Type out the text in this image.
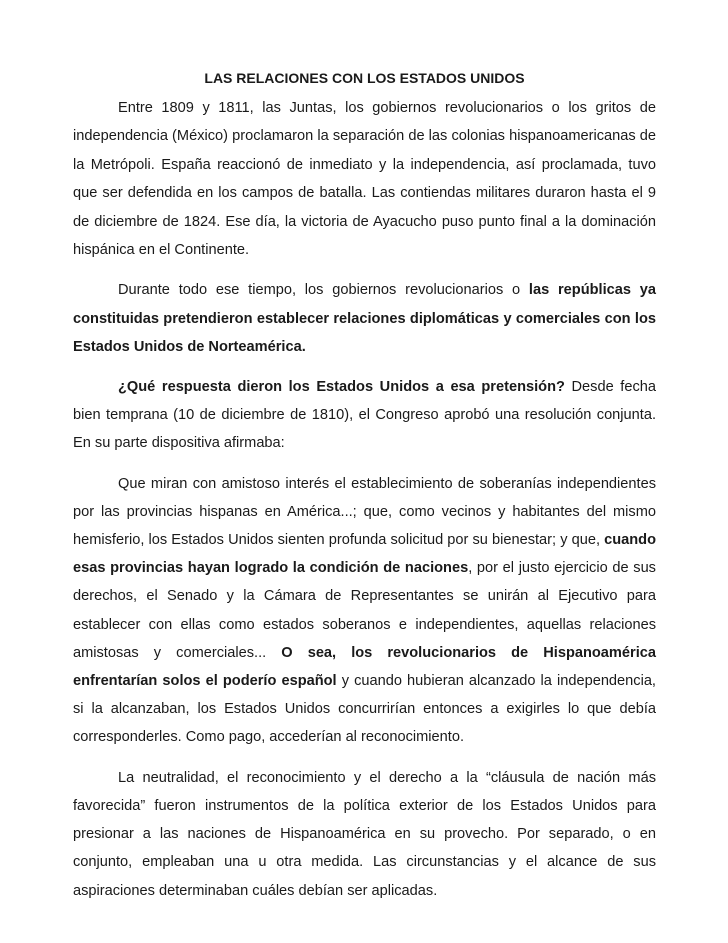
LAS RELACIONES CON LOS ESTADOS UNIDOS

Entre 1809 y 1811, las Juntas, los gobiernos revolucionarios o los gritos de independencia (México) proclamaron la separación de las colonias hispanoamericanas de la Metrópoli. España reaccionó de inmediato y la independencia, así proclamada, tuvo que ser defendida en los campos de batalla. Las contiendas militares duraron hasta el 9 de diciembre de 1824. Ese día, la victoria de Ayacucho puso punto final a la dominación hispánica en el Continente.

Durante todo ese tiempo, los gobiernos revolucionarios o las repúblicas ya constituidas pretendieron establecer relaciones diplomáticas y comerciales con los Estados Unidos de Norteamérica.

¿Qué respuesta dieron los Estados Unidos a esa pretensión? Desde fecha bien temprana (10 de diciembre de 1810), el Congreso aprobó una resolución conjunta. En su parte dispositiva afirmaba:

Que miran con amistoso interés el establecimiento de soberanías independientes por las provincias hispanas en América...; que, como vecinos y habitantes del mismo hemisferio, los Estados Unidos sienten profunda solicitud por su bienestar; y que, cuando esas provincias hayan logrado la condición de naciones, por el justo ejercicio de sus derechos, el Senado y la Cámara de Representantes se unirán al Ejecutivo para establecer con ellas como estados soberanos e independientes, aquellas relaciones amistosas y comerciales... O sea, los revolucionarios de Hispanoamérica enfrentarían solos el poderío español y cuando hubieran alcanzado la independencia, si la alcanzaban, los Estados Unidos concurrirían entonces a exigirles lo que debía corresponderles. Como pago, accederían al reconocimiento.

La neutralidad, el reconocimiento y el derecho a la “cláusula de nación más favorecida” fueron instrumentos de la política exterior de los Estados Unidos para presionar a las naciones de Hispanoamérica en su provecho. Por separado, o en conjunto, empleaban una u otra medida. Las circunstancias y el alcance de sus aspiraciones determinaban cuáles debían ser aplicadas.
